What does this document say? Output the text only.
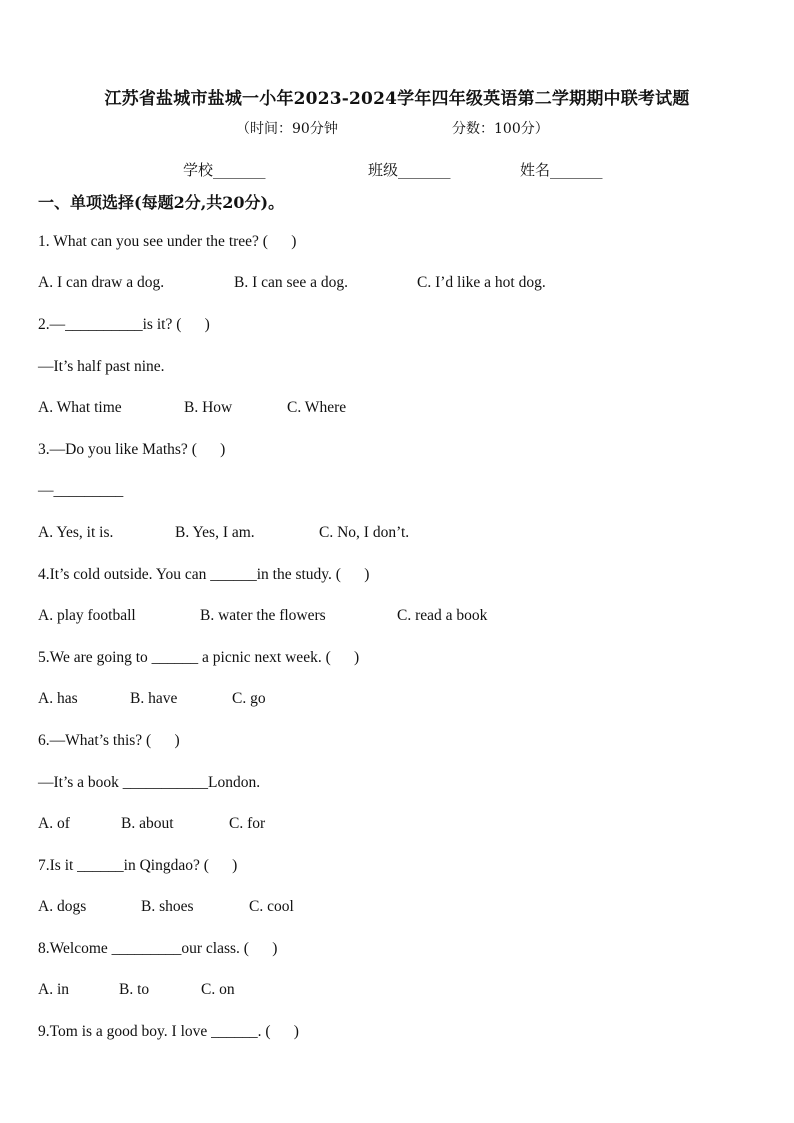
江苏省盐城市盐城一小年2023-2024学年四年级英语第二学期期中联考试题
（时间：90分钟	分数：100分）
学校_______	班级_______	姓名_______
一、单项选择(每题2分,共20分)。
1. What can you see under the tree? (      )
A. I can draw a dog.	B. I can see a dog.	C. I’d like a hot dog.
2.—__________is it? (      )
—It’s half past nine.
A. What time	B. How	C. Where
3.—Do you like Maths? (      )
—_________
A. Yes, it is.	B. Yes, I am.	C. No, I don’t.
4.It’s cold outside. You can ______in the study. (      )
A. play football	B. water the flowers	C. read a book
5.We are going to ______ a picnic next week. (      )
A. has	B. have	C. go
6.—What’s this? (      )
—It’s a book ___________London.
A. of	B. about	C. for
7.Is it ______in Qingdao? (      )
A. dogs	B. shoes	C. cool
8.Welcome _________our class. (      )
A. in	B. to	C. on
9.Tom is a good boy. I love ______. (      )
